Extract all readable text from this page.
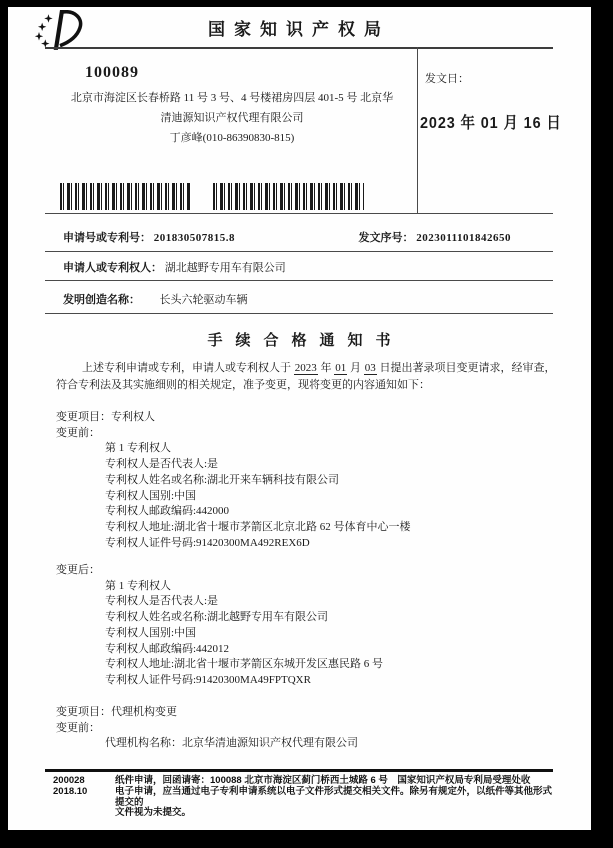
国家知识产权局
100089
北京市海淀区长春桥路 11 号 3 号、4 号楼裙房四层 401-5 号 北京华
清迪源知识产权代理有限公司
丁彦峰(010-86390830-815)
发文日：
2023 年 01 月 16 日
申请号或专利号： 201830507815.8	发文序号： 2023011101842650
申请人或专利权人： 湖北越野专用车有限公司
发明创造名称： 长头六轮驱动车辆
手续合格通知书
上述专利申请或专利，申请人或专利权人于 2023 年 01 月 03 日提出著录项目变更请求，经审查，符合专利法及其实施细则的相关规定，准予变更，现将变更的内容通知如下：
变更项目：专利权人
变更前：
第 1 专利权人
专利权人是否代表人:是
专利权人姓名或名称:湖北开来车辆科技有限公司
专利权人国别:中国
专利权人邮政编码:442000
专利权人地址:湖北省十堰市茅箭区北京北路 62 号体育中心一楼
专利权人证件号码:91420300MA492REX6D
变更后：
第 1 专利权人
专利权人是否代表人:是
专利权人姓名或名称:湖北越野专用车有限公司
专利权人国别:中国
专利权人邮政编码:442012
专利权人地址:湖北省十堰市茅箭区东城开发区惠民路 6 号
专利权人证件号码:91420300MA49FPTQXR
变更项目：代理机构变更
变更前：
代理机构名称：北京华清迪源知识产权代理有限公司
200028
2018.10
纸件申请，回函请寄：100088 北京市海淀区蓟门桥西土城路 6 号　国家知识产权局专利局受理处收
电子申请，应当通过电子专利申请系统以电子文件形式提交相关文件。除另有规定外，以纸件等其他形式提交的
文件视为未提交。
